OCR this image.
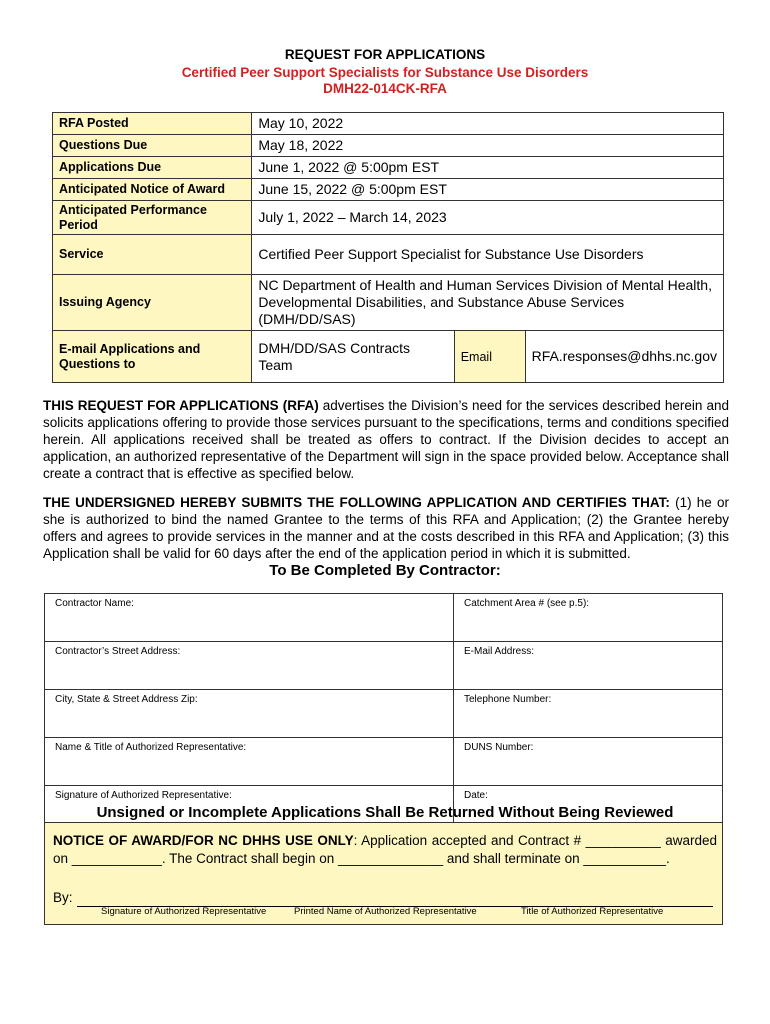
REQUEST FOR APPLICATIONS
Certified Peer Support Specialists for Substance Use Disorders
DMH22-014CK-RFA
RFA Posted	May 10, 2022		
Questions Due	May 18, 2022		
Applications Due	June 1, 2022 @ 5:00pm EST		
Anticipated Notice of Award	June 15, 2022 @ 5:00pm EST		
Anticipated Performance Period	July 1, 2022 – March 14, 2023		
Service	Certified Peer Support Specialist for Substance Use Disorders		
Issuing Agency	NC Department of Health and Human Services Division of Mental Health, Developmental Disabilities, and Substance Abuse Services (DMH/DD/SAS)		
E-mail Applications and Questions to	DMH/DD/SAS Contracts Team	Email	RFA.responses@dhhs.nc.gov

THIS REQUEST FOR APPLICATIONS (RFA) advertises the Division’s need for the services described herein and solicits applications offering to provide those services pursuant to the specifications, terms and conditions specified herein. All applications received shall be treated as offers to contract. If the Division decides to accept an application, an authorized representative of the Department will sign in the space provided below. Acceptance shall create a contract that is effective as specified below.

THE UNDERSIGNED HEREBY SUBMITS THE FOLLOWING APPLICATION AND CERTIFIES THAT: (1) he or she is authorized to bind the named Grantee to the terms of this RFA and Application; (2) the Grantee hereby offers and agrees to provide services in the manner and at the costs described in this RFA and Application; (3) this Application shall be valid for 60 days after the end of the application period in which it is submitted.

To Be Completed By Contractor:
Contractor Name:	Catchment Area # (see p.5):
Contractor’s Street Address:	E-Mail Address:
City, State & Street Address Zip:	Telephone Number:
Name & Title of Authorized Representative:	DUNS Number:
Signature of Authorized Representative:	Date:
Unsigned or Incomplete Applications Shall Be Returned Without Being Reviewed
NOTICE OF AWARD/FOR NC DHHS USE ONLY: Application accepted and Contract # __________ awarded on ____________. The Contract shall begin on ______________ and shall terminate on ___________.
By:
Signature of Authorized Representative	Printed Name of Authorized Representative	Title of Authorized Representative
